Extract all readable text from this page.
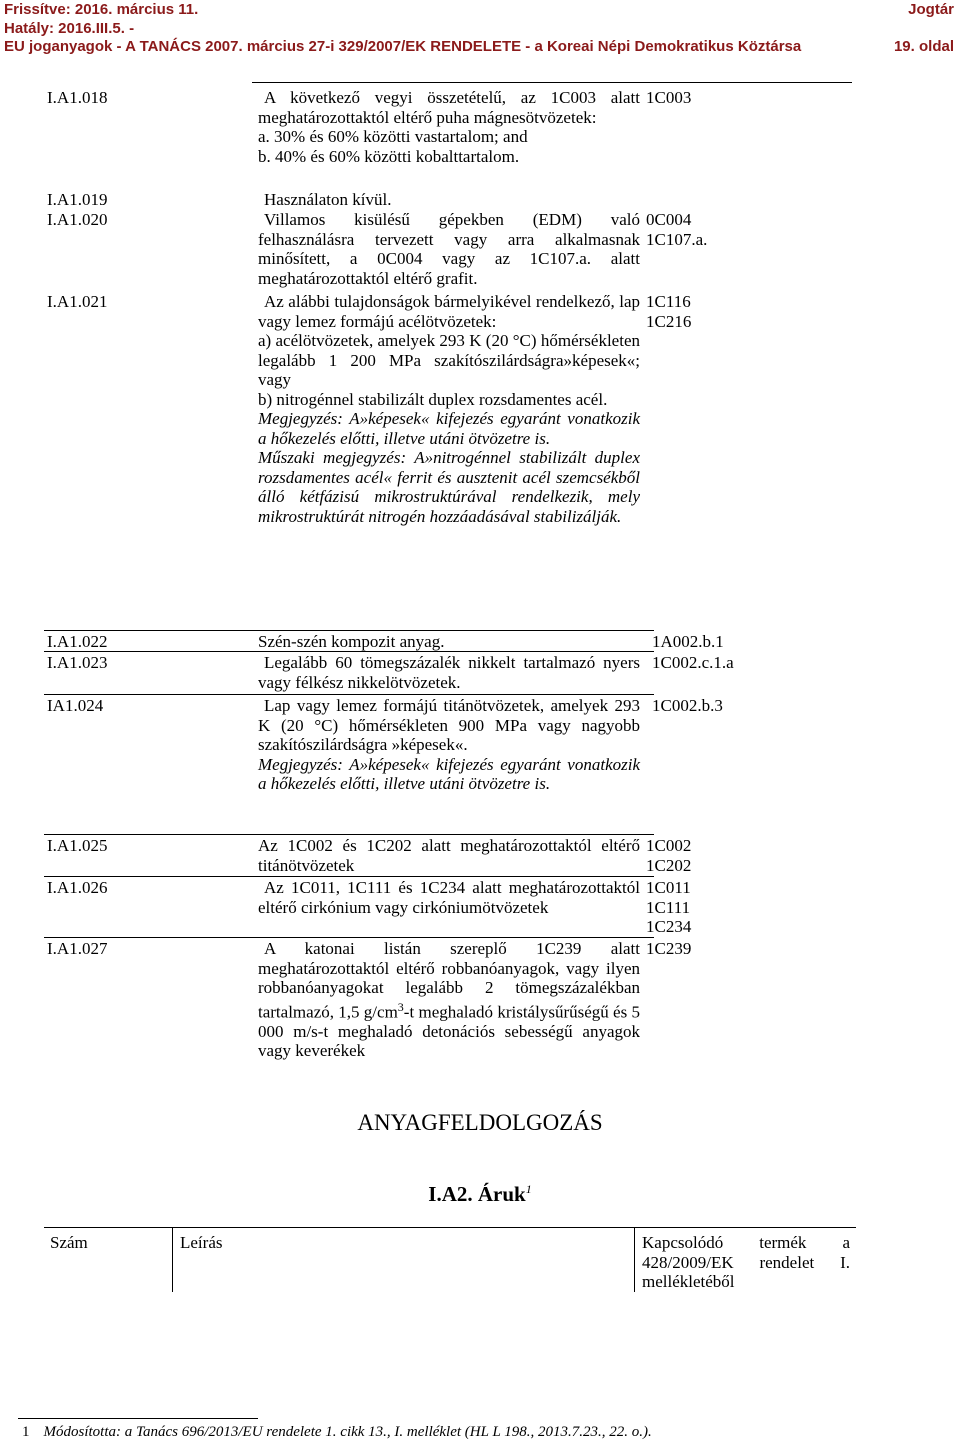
Frissítve: 2016. március 11.
Hatály: 2016.III.5. -
EU joganyagok - A TANÁCS 2007. március 27-i 329/2007/EK RENDELETE - a Koreai Népi Demokratikus Köztársa
Jogtár
19. oldal
I.A1.018	A következő vegyi összetételű, az 1C003 alatt meghatározottaktól eltérő puha mágnesötvözetek:

a. 30% és 60% közötti vastartalom; and

b. 40% és 60% közötti kobalttartalom.

1C003
I.A1.019	Használaton kívül.

I.A1.020	Villamos kisülésű gépekben (EDM) való felhasználásra tervezett vagy arra alkalmasnak minősített, a 0C004 vagy az 1C107.a. alatt meghatározottaktól eltérő grafit.

0C004
1C107.a.
I.A1.021	Az alábbi tulajdonságok bármelyikével rendelkező, lap vagy lemez formájú acélötvözetek:

a) acélötvözetek, amelyek 293 K (20 °C) hőmérsékleten legalább 1 200 MPa szakítószilárdságra»képesek«; vagy

b) nitrogénnel stabilizált duplex rozsdamentes acél.

Megjegyzés: A»képesek« kifejezés egyaránt vonatkozik a hőkezelés előtti, illetve utáni ötvözetre is.

Műszaki megjegyzés: A»nitrogénnel stabilizált duplex rozsdamentes acél« ferrit és ausztenit acél szemcsékből álló kétfázisú mikrostruktúrával rendelkezik, mely mikrostruktúrát nitrogén hozzáadásával stabilizálják.

1C116
1C216
I.A1.022	Szén-szén kompozit anyag.	1A002.b.1
I.A1.023	Legalább 60 tömegszázalék nikkelt tartalmazó nyers vagy félkész nikkelötvözetek.

1C002.c.1.a
IA1.024	Lap vagy lemez formájú titánötvözetek, amelyek 293 K (20 °C) hőmérsékleten 900 MPa vagy nagyobb szakítószilárdságra »képesek«.

Megjegyzés: A»képesek« kifejezés egyaránt vonatkozik a hőkezelés előtti, illetve utáni ötvözetre is.

1C002.b.3
I.A1.025	Az 1C002 és 1C202 alatt meghatározottaktól eltérő titánötvözetek

1C002
1C202
I.A1.026	Az 1C011, 1C111 és 1C234 alatt meghatározottaktól eltérő cirkónium vagy cirkóniumötvözetek

1C011
1C111
1C234
I.A1.027	A katonai listán szereplő 1C239 alatt meghatározottaktól eltérő robbanóanyagok, vagy ilyen robbanóanyagokat legalább 2 tömegszázalékban tartalmazó, 1,5 $g/cm^3-t$ meghaladó kristálysűrűségű és 5 000 m/s-t meghaladó detonációs sebességű anyagok vagy keverékek

1C239
ANYAGFELDOLGOZÁS
I.A2. Áruk$^1$
Szám	Leírás	Kapcsolódó termék a 428/2009/EK rendelet I. mellékletéből
1 Módosította: a Tanács 696/2013/EU rendelete 1. cikk 13., I. melléklet (HL L 198., 2013.7.23., 22. o.).
